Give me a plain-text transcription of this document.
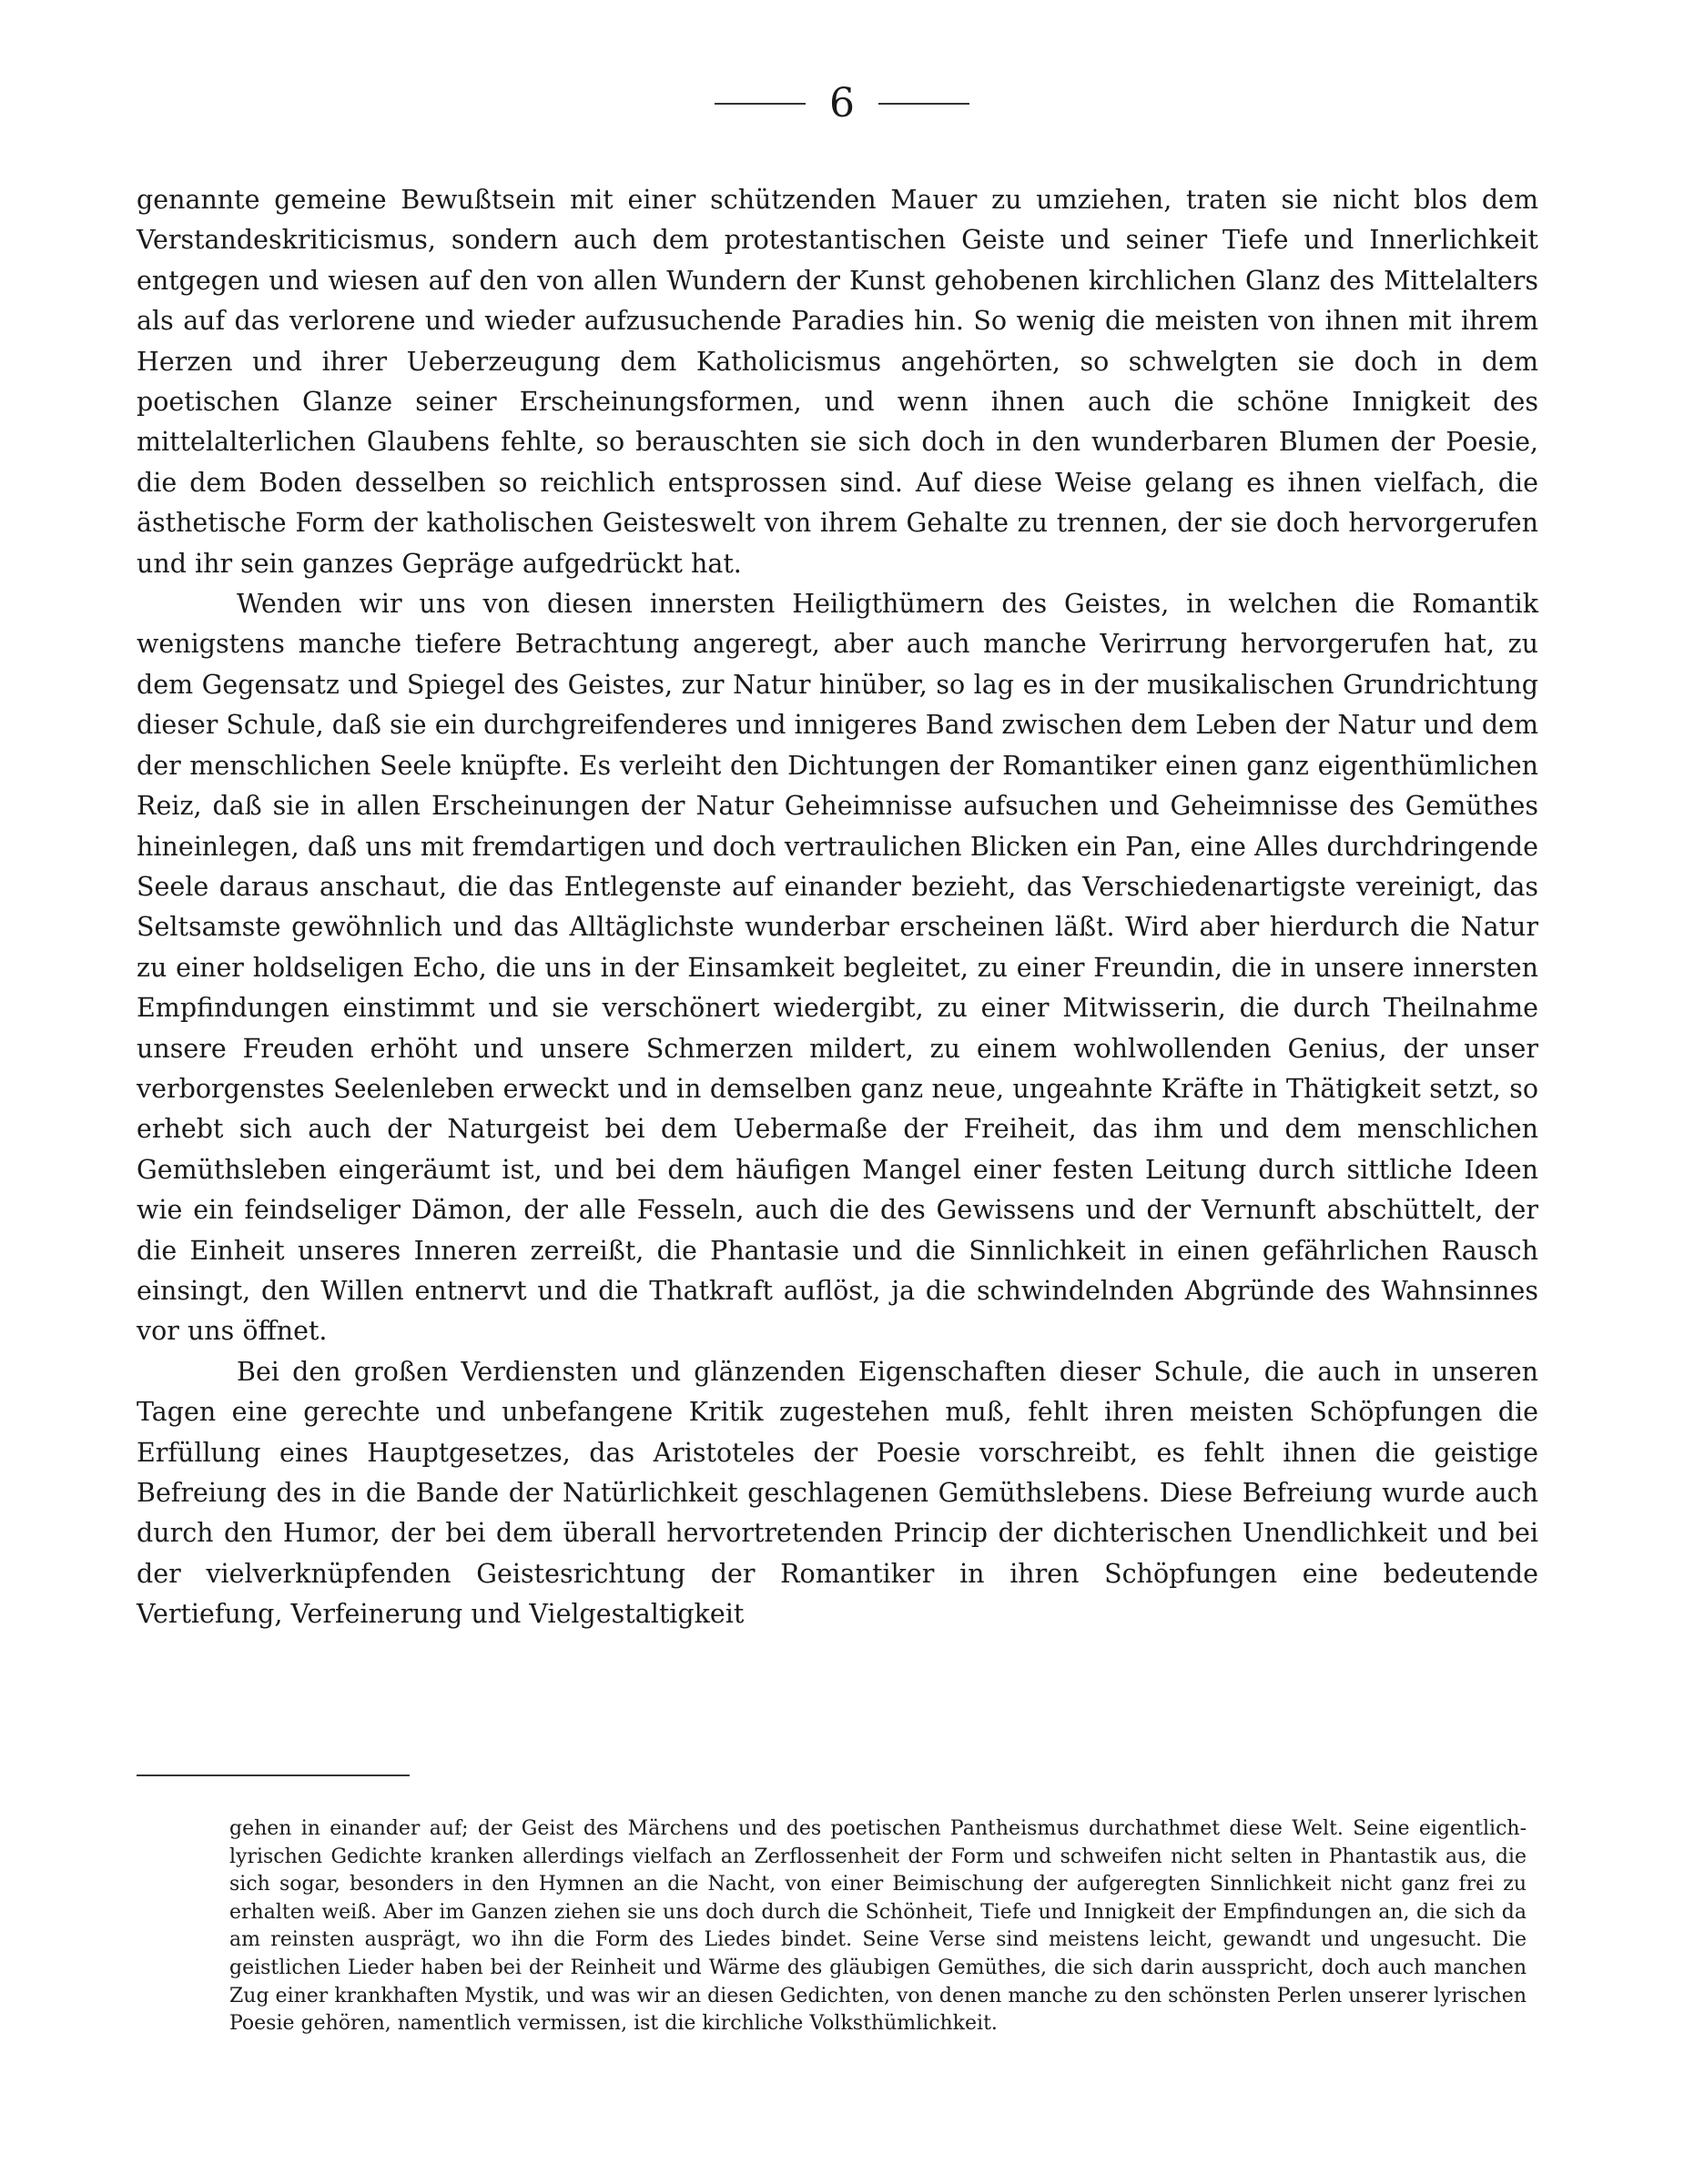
6

genannte gemeine Bewußtsein mit einer schützenden Mauer zu umziehen, traten sie nicht blos dem Verstandeskriticismus, sondern auch dem protestantischen Geiste und seiner Tiefe und Innerlichkeit entgegen und wiesen auf den von allen Wundern der Kunst gehobenen kirchlichen Glanz des Mittelalters als auf das verlorene und wieder aufzusuchende Paradies hin. So wenig die meisten von ihnen mit ihrem Herzen und ihrer Ueberzeugung dem Katholicismus angehörten, so schwelgten sie doch in dem poetischen Glanze seiner Erscheinungsformen, und wenn ihnen auch die schöne Innigkeit des mittelalterlichen Glaubens fehlte, so berauschten sie sich doch in den wunderbaren Blumen der Poesie, die dem Boden desselben so reichlich entsprossen sind. Auf diese Weise gelang es ihnen vielfach, die ästhetische Form der katholischen Geisteswelt von ihrem Gehalte zu trennen, der sie doch hervorgerufen und ihr sein ganzes Gepräge aufgedrückt hat.

Wenden wir uns von diesen innersten Heiligthümern des Geistes, in welchen die Romantik wenigstens manche tiefere Betrachtung angeregt, aber auch manche Verirrung hervorgerufen hat, zu dem Gegensatz und Spiegel des Geistes, zur Natur hinüber, so lag es in der musikalischen Grundrichtung dieser Schule, daß sie ein durchgreifenderes und innigeres Band zwischen dem Leben der Natur und dem der menschlichen Seele knüpfte. Es verleiht den Dichtungen der Romantiker einen ganz eigenthümlichen Reiz, daß sie in allen Erscheinungen der Natur Geheimnisse aufsuchen und Geheimnisse des Gemüthes hineinlegen, daß uns mit fremdartigen und doch vertraulichen Blicken ein Pan, eine Alles durchdringende Seele daraus anschaut, die das Entlegenste auf einander bezieht, das Verschiedenartigste vereinigt, das Seltsamste gewöhnlich und das Alltäglichste wunderbar erscheinen läßt. Wird aber hierdurch die Natur zu einer holdseligen Echo, die uns in der Einsamkeit begleitet, zu einer Freundin, die in unsere innersten Empfindungen einstimmt und sie verschönert wiedergibt, zu einer Mitwisserin, die durch Theilnahme unsere Freuden erhöht und unsere Schmerzen mildert, zu einem wohlwollenden Genius, der unser verborgenstes Seelenleben erweckt und in demselben ganz neue, ungeahnte Kräfte in Thätigkeit setzt, so erhebt sich auch der Naturgeist bei dem Uebermaße der Freiheit, das ihm und dem menschlichen Gemüthsleben eingeräumt ist, und bei dem häufigen Mangel einer festen Leitung durch sittliche Ideen wie ein feindseliger Dämon, der alle Fesseln, auch die des Gewissens und der Vernunft abschüttelt, der die Einheit unseres Inneren zerreißt, die Phantasie und die Sinnlichkeit in einen gefährlichen Rausch einsingt, den Willen entnervt und die Thatkraft auflöst, ja die schwindelnden Abgründe des Wahnsinnes vor uns öffnet.

Bei den großen Verdiensten und glänzenden Eigenschaften dieser Schule, die auch in unseren Tagen eine gerechte und unbefangene Kritik zugestehen muß, fehlt ihren meisten Schöpfungen die Erfüllung eines Hauptgesetzes, das Aristoteles der Poesie vorschreibt, es fehlt ihnen die geistige Befreiung des in die Bande der Natürlichkeit geschlagenen Gemüthslebens. Diese Befreiung wurde auch durch den Humor, der bei dem überall hervortretenden Princip der dichterischen Unendlichkeit und bei der vielverknüpfenden Geistesrichtung der Romantiker in ihren Schöpfungen eine bedeutende Vertiefung, Verfeinerung und Vielgestaltigkeit

gehen in einander auf; der Geist des Märchens und des poetischen Pantheismus durchathmet diese Welt. Seine eigentlich-lyrischen Gedichte kranken allerdings vielfach an Zerflossenheit der Form und schweifen nicht selten in Phantastik aus, die sich sogar, besonders in den Hymnen an die Nacht, von einer Beimischung der aufgeregten Sinnlichkeit nicht ganz frei zu erhalten weiß. Aber im Ganzen ziehen sie uns doch durch die Schönheit, Tiefe und Innigkeit der Empfindungen an, die sich da am reinsten ausprägt, wo ihn die Form des Liedes bindet. Seine Verse sind meistens leicht, gewandt und ungesucht. Die geistlichen Lieder haben bei der Reinheit und Wärme des gläubigen Gemüthes, die sich darin ausspricht, doch auch manchen Zug einer krankhaften Mystik, und was wir an diesen Gedichten, von denen manche zu den schönsten Perlen unserer lyrischen Poesie gehören, namentlich vermissen, ist die kirchliche Volksthümlichkeit.
